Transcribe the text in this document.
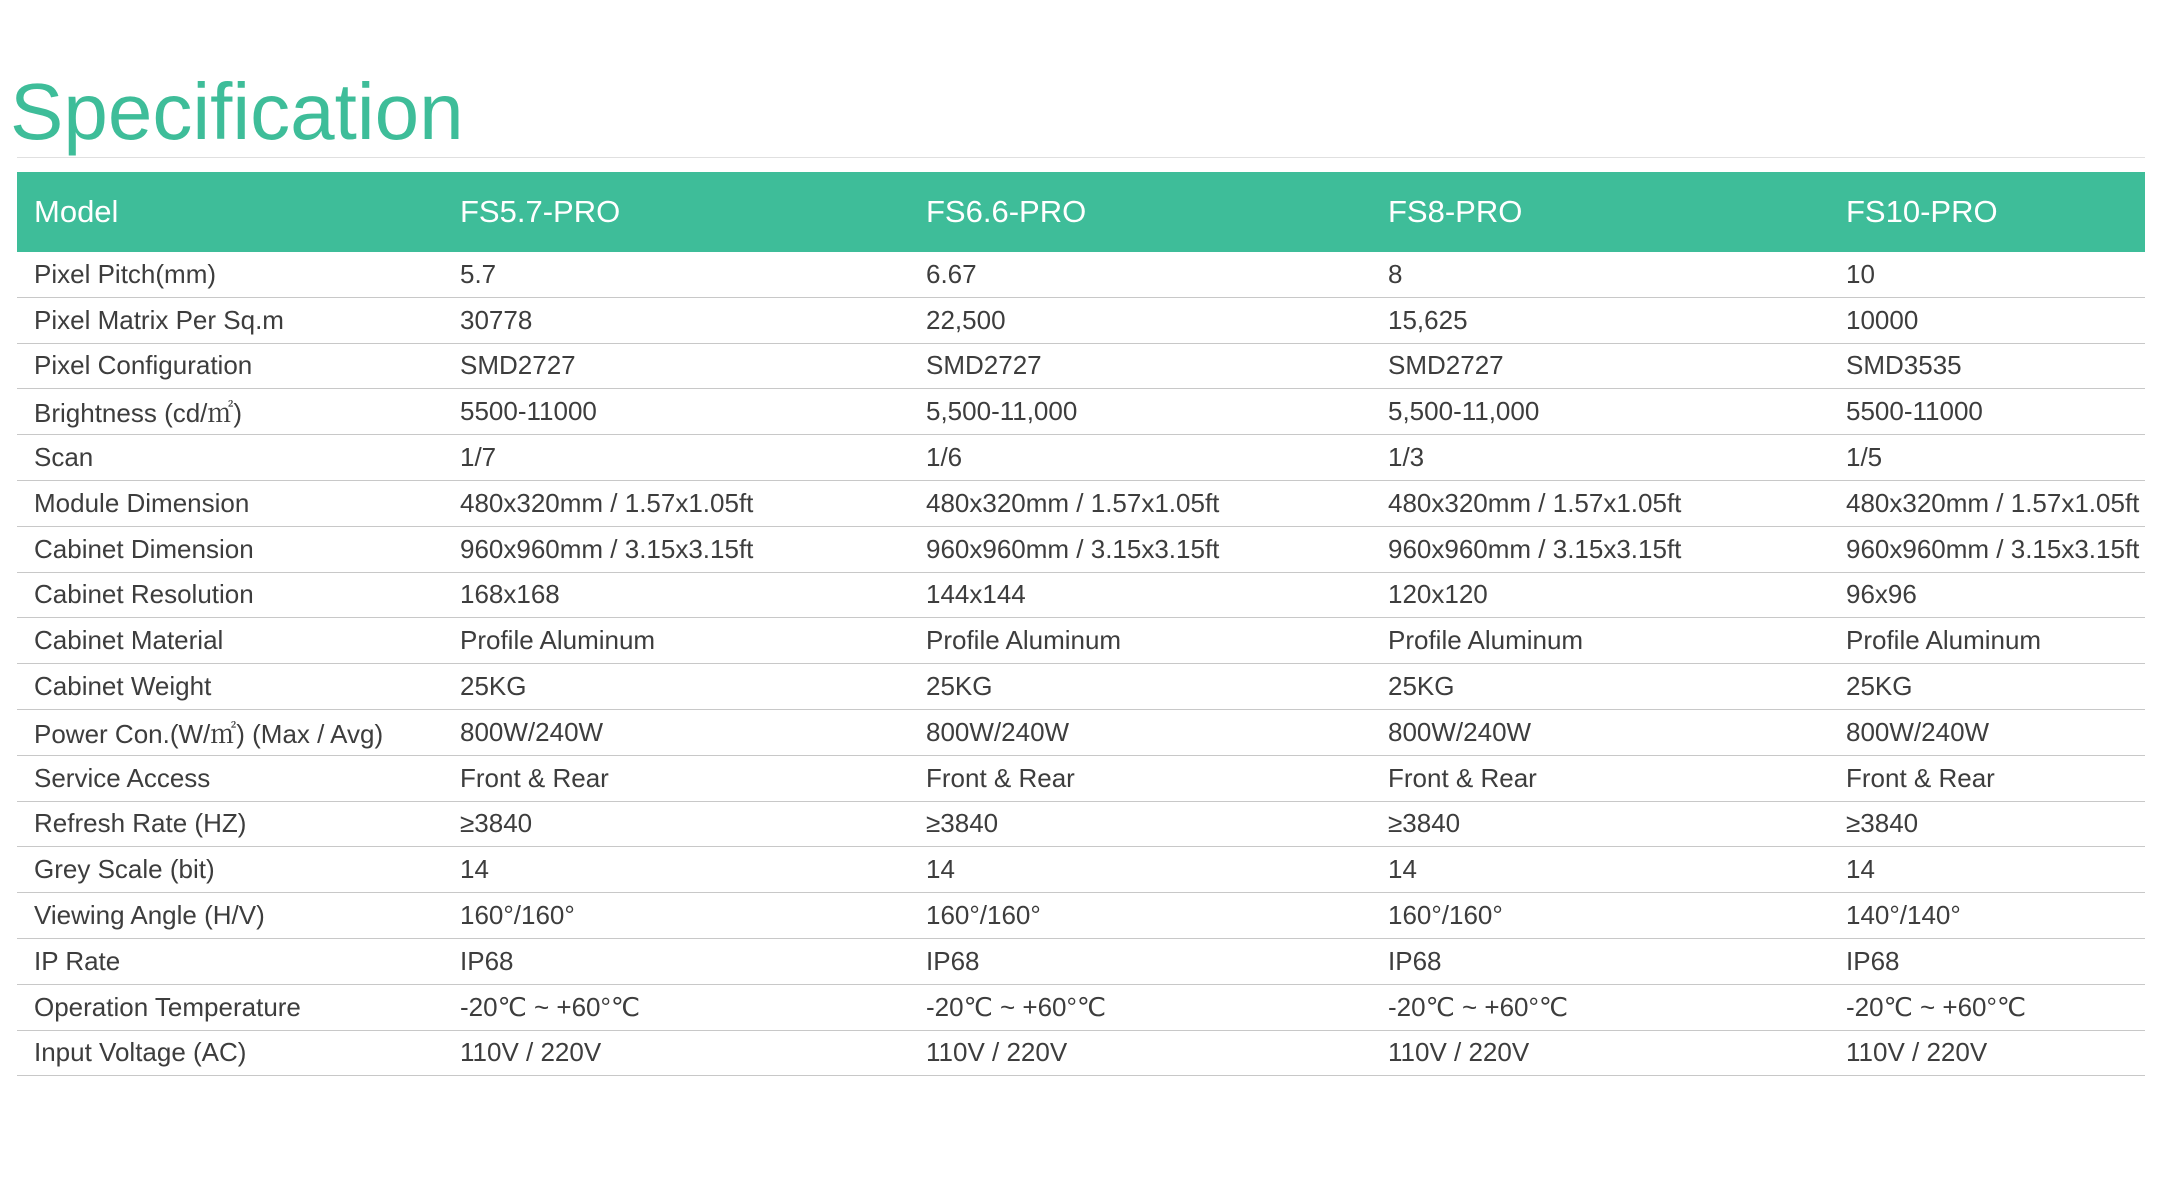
Specification
Model	FS5.7-PRO	FS6.6-PRO	FS8-PRO	FS10-PRO
Pixel Pitch(mm)	5.7	6.67	8	10
Pixel Matrix Per Sq.m	30778	22,500	15,625	10000
Pixel Configuration	SMD2727	SMD2727	SMD2727	SMD3535
Brightness (cd/㎡)	5500-11000	5,500-11,000	5,500-11,000	5500-11000
Scan	1/7	1/6	1/3	1/5
Module Dimension	480x320mm / 1.57x1.05ft	480x320mm / 1.57x1.05ft	480x320mm / 1.57x1.05ft	480x320mm / 1.57x1.05ft
Cabinet Dimension	960x960mm / 3.15x3.15ft	960x960mm / 3.15x3.15ft	960x960mm / 3.15x3.15ft	960x960mm / 3.15x3.15ft
Cabinet Resolution	168x168	144x144	120x120	96x96
Cabinet Material	Profile Aluminum	Profile Aluminum	Profile Aluminum	Profile Aluminum
Cabinet Weight	25KG	25KG	25KG	25KG
Power Con.(W/㎡) (Max / Avg)	800W/240W	800W/240W	800W/240W	800W/240W
Service Access	Front & Rear	Front & Rear	Front & Rear	Front & Rear
Refresh Rate (HZ)	≥3840	≥3840	≥3840	≥3840
Grey Scale (bit)	14	14	14	14
Viewing Angle (H/V)	160°/160°	160°/160°	160°/160°	140°/140°
IP Rate	IP68	IP68	IP68	IP68
Operation Temperature	-20℃ ~ +60°℃	-20℃ ~ +60°℃	-20℃ ~ +60°℃	-20℃ ~ +60°℃
Input Voltage (AC)	110V / 220V	110V / 220V	110V / 220V	110V / 220V
